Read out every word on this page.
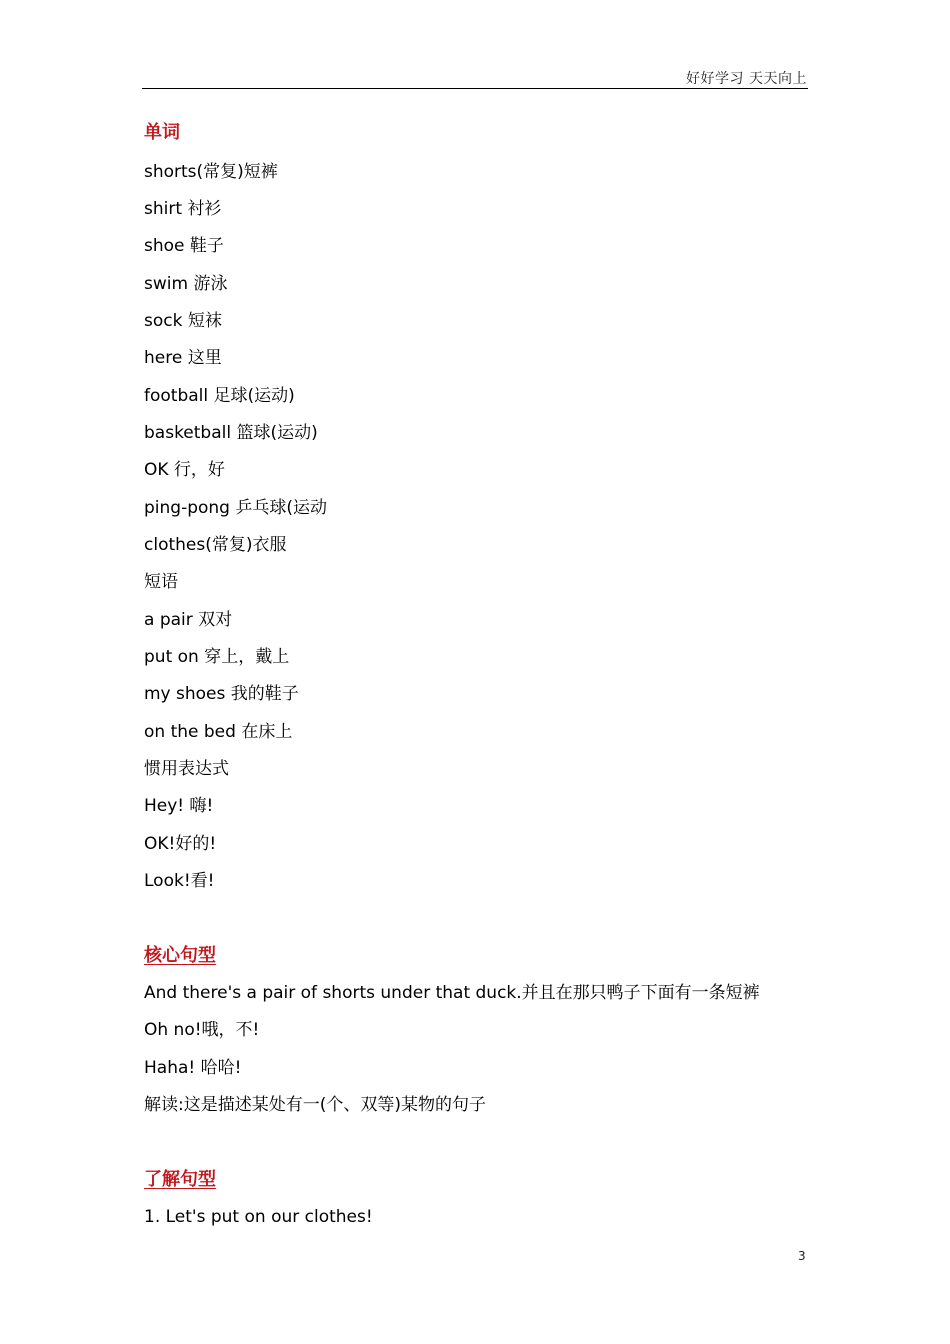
好好学习 天天向上
单词
shorts(常复)短裤
shirt 衬衫
shoe 鞋子
swim 游泳
sock 短袜
here 这里
football 足球(运动)
basketball 篮球(运动)
OK 行，好
ping-pong 乒乓球(运动
clothes(常复)衣服
短语
a pair 双对
put on 穿上，戴上
my shoes 我的鞋子
on the bed 在床上
惯用表达式
Hey! 嗨!
OK!好的!
Look!看!
核心句型
And there's a pair of shorts under that duck.并且在那只鸭子下面有一条短裤
Oh no!哦，不!
Haha! 哈哈!
解读:这是描述某处有一(个、双等)某物的句子
了解句型
1. Let's put on our clothes!
3
